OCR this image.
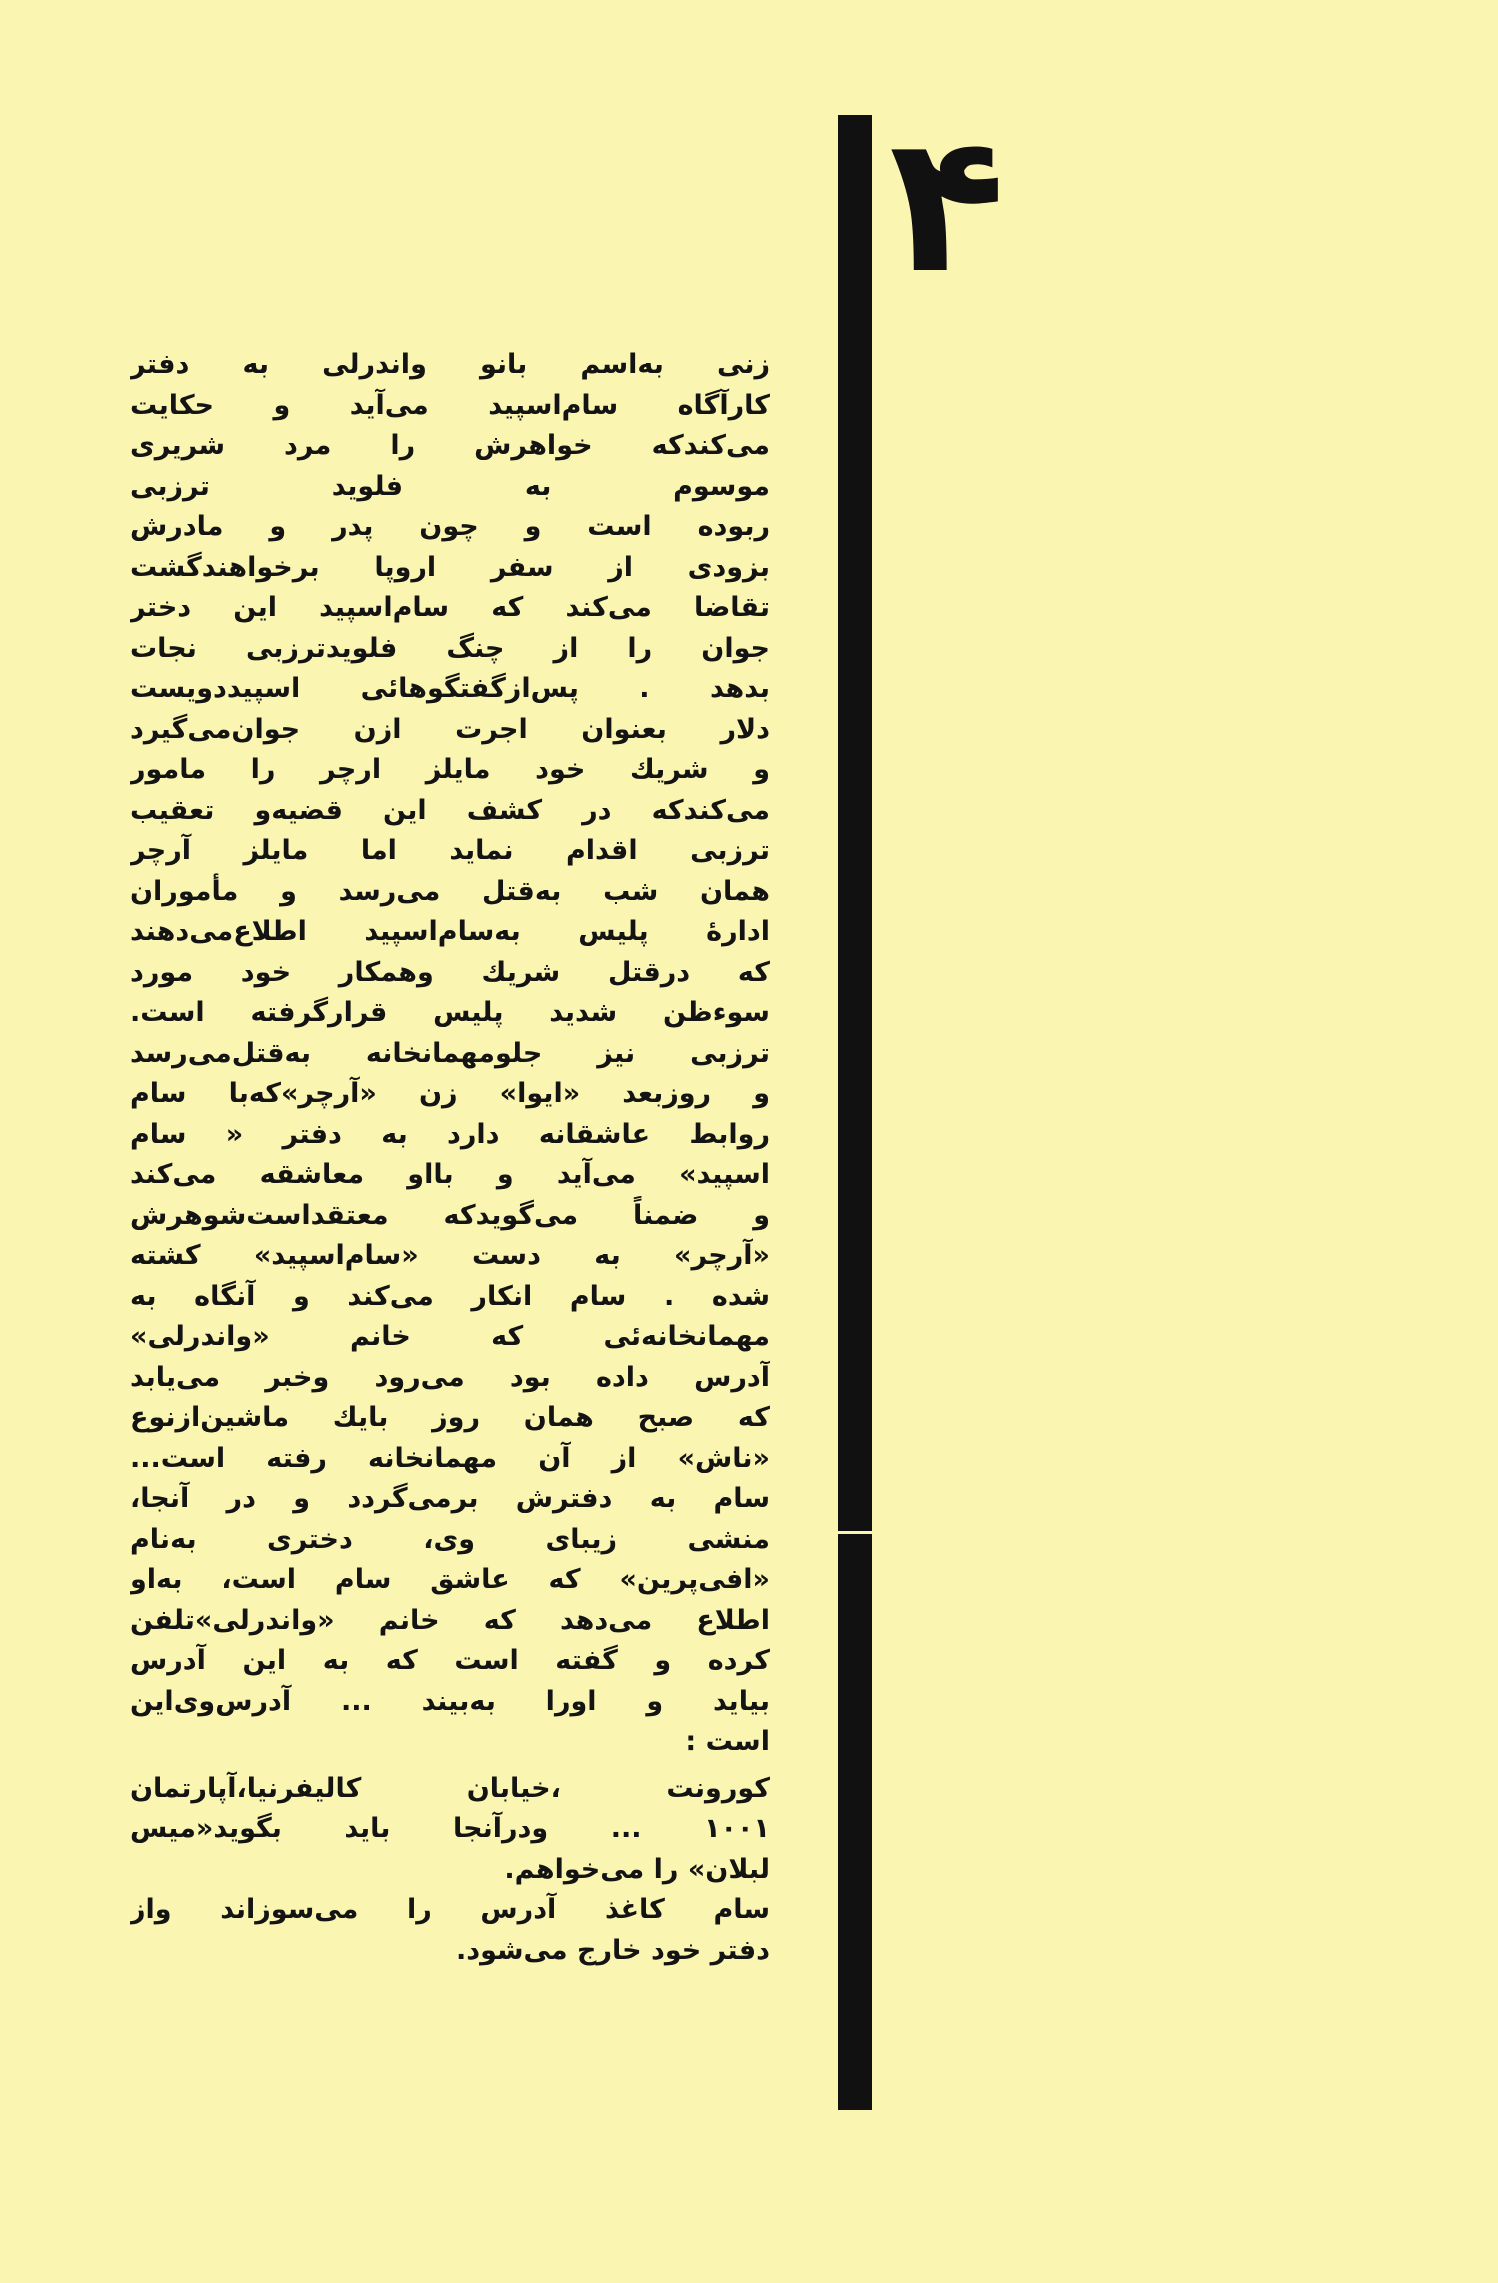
۴
زنی به‌اسم بانو واندرلی به دفتر
کارآگاه سام‌اسپید می‌آید و حکایت
می‌کندکه خواهرش را مرد شریری
موسوم به فلوید ترزبی
ربوده است و چون پدر و مادرش
بزودی از سفر اروپا برخواهندگشت
تقاضا می‌کند که سام‌اسپید این دختر
جوان را از چنگ فلویدترزبی نجات
بدهد . پس‌ازگفتگوهائی اسپیددویست
دلار بعنوان اجرت ازن جوان‌می‌گیرد
و شریك خود مایلز ارچر را مامور
می‌کندکه در کشف این قضیه‌و تعقیب
ترزبی اقدام نماید اما مایلز آرچر
همان شب به‌قتل می‌رسد و مأموران
ادارهٔ پلیس به‌سام‌اسپید اطلاع‌می‌دهند
که درقتل شریك وهمکار خود مورد
سوءظن شدید پلیس قرارگرفته است.
ترزبی نیز جلومهمانخانه به‌قتل‌می‌رسد
و روزبعد «ایوا» زن «آرچر»که‌با سام
روابط عاشقانه دارد به دفتر « سام
اسپید» می‌آید و بااو معاشقه می‌کند
و ضمناً می‌گویدکه معتقداست‌شوهرش
«آرچر» به دست «سام‌اسپید» کشته
شده . سام انکار می‌کند و آنگاه به
مهمانخانه‌ئی که خانم «واندرلی»
آدرس داده بود می‌رود وخبر می‌یابد
که صبح همان روز بایك ماشین‌ازنوع
«ناش» از آن مهمانخانه رفته است...
سام به دفترش برمی‌گردد و در آنجا،
منشی زیبای وی، دختری به‌نام
«افی‌پرین» که عاشق سام است، به‌او
اطلاع می‌دهد که خانم «واندرلی»تلفن
کرده و گفته است که به این آدرس
بیاید و اورا به‌بیند ... آدرس‌وی‌این
است :
کورونت ،خیابان کالیفرنیا،آپارتمان
۱۰۰۱ ... ودرآنجا باید بگوید«میس
لبلان» را می‌خواهم.
سام کاغذ آدرس را می‌سوزاند واز
دفتر خود خارج می‌شود.
